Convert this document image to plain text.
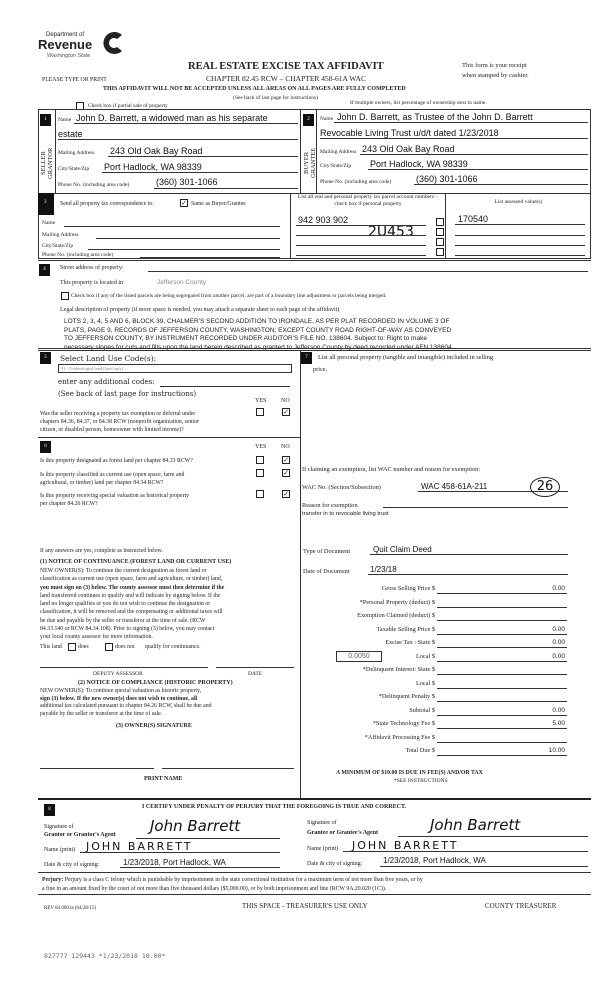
Department of
Revenue
Washington State
REAL ESTATE EXCISE TAX AFFIDAVIT
CHAPTER 82.45 RCW – CHAPTER 458-61A WAC
This form is your receipt
when stamped by cashier.
PLEASE TYPE OR PRINT
THIS AFFIDAVIT WILL NOT BE ACCEPTED UNLESS ALL AREAS ON ALL PAGES ARE FULLY COMPLETED
(See back of last page for instructions)
Check box if partial sale of property	If multiple owners, list percentage of ownership next to name.
1
SELLER GRANTOR
Name John D. Barrett, a widowed man as his separate
estate
Mailing Address 243 Old Oak Bay Road
City/State/Zip Port Hadlock, WA 98339
Phone No. (including area code)	(360) 301-1066
2
BUYER GRANTEE
Name John D. Barrett, as Trustee of the John D. Barrett
Revocable Living Trust u/d/t dated 1/23/2018
Mailing Address 243 Old Oak Bay Road
City/State/Zip Port Hadlock, WA 98339
Phone No. (including area code)	(360) 301-1066
3 Send all property tax correspondence to:	✓ Same as Buyer/Grantee
Name
Mailing Address
City/State/Zip
Phone No. (including area code)
List all real and personal property tax parcel account numbers – check box if personal property	List assessed value(s)
942 903 902	170540
2U453
4	Street address of property:
This property is located in	Jefferson County
Check box if any of the listed parcels are being segregated from another parcel, are part of a boundary line adjustment or parcels being merged.
Legal description of property (if more space is needed, you may attach a separate sheet to each page of the affidavit)
LOTS 2, 3, 4, 5 AND 6, BLOCK 39, CHALMER'S SECOND ADDITION TO IRONDALE, AS PER PLAT RECORDED IN VOLUME 3 OF
PLATS, PAGE 9, RECORDS OF JEFFERSON COUNTY, WASHINGTON; EXCEPT COUNTY ROAD RIGHT-OF-WAY AS CONVEYED
TO JEFFERSON COUNTY, BY INSTRUMENT RECORDED UNDER AUDITOR'S FILE NO. 138604. Subject to: Right to make
necessary slopes for cuts and fills upon the land herein described as granted to Jefferson County by deed recorded under AFN 138604.
5	Select Land Use Code(s):
91 - Undeveloped land (land only)
enter any additional codes:
(See back of last page for instructions)
YES NO
Was the seller receiving a property tax exemption or deferral under
chapters 84.36, 84.37, or 84.38 RCW (nonprofit organization, senior
citizen, or disabled person, homeowner with limited income)?
✓
6	YES NO
Is this property designated as forest land per chapter 84.33 RCW?	✓
Is this property classified as current use (open space, farm and
agricultural, or timber) land per chapter 84.34 RCW?
✓
Is this property receiving special valuation as historical property
per chapter 84.26 RCW?
✓
If any answers are yes, complete as instructed below.
(1) NOTICE OF CONTINUANCE (FOREST LAND OR CURRENT USE)
NEW OWNER(S): To continue the current designation as forest land or
classification as current use (open space, farm and agriculture, or timber) land,
you must sign on (3) below. The county assessor must then determine if the
land transferred continues to qualify and will indicate by signing below. If the
land no longer qualifies or you do not wish to continue the designation or
classification, it will be removed and the compensating or additional taxes will
be due and payable by the seller or transferor at the time of sale. (RCW
84.33.140 or RCW 84.34.108). Prior to signing (3) below, you may contact
your local county assessor for more information.
This land	does	does not qualify for continuance.
DEPUTY ASSESSOR	DATE
(2) NOTICE OF COMPLIANCE (HISTORIC PROPERTY)
NEW OWNER(S): To continue special valuation as historic property,
sign (3) below. If the new owner(s) does not wish to continue, all
additional tax calculated pursuant to chapter 84.26 RCW, shall be due and
payable by the seller or transferor at the time of sale.
(3) OWNER(S) SIGNATURE
PRINT NAME
7	List all personal property (tangible and intangible) included in selling
price.
If claiming an exemption, list WAC number and reason for exemption:
WAC No. (Section/Subsection)	WAC 458-61A-211	26
Reason for exemption
transfer in to revocable living trust
Type of Document	Quit Claim Deed
Date of Document	1/23/18
0.0050
Gross Selling Price $	0.00
*Personal Property (deduct) $
Exemption Claimed (deduct) $
Taxable Selling Price $	0.00
Excise Tax : State $	0.00
Local $	0.00
*Delinquent Interest: State $
Local $
*Delinquent Penalty $
Subtotal $	0.00
*State Technology Fee $	5.00
*Affidavit Processing Fee $
Total Due $	10.00
A MINIMUM OF $10.00 IS DUE IN FEE(S) AND/OR TAX
*SEE INSTRUCTIONS
8	I CERTIFY UNDER PENALTY OF PERJURY THAT THE FOREGOING IS TRUE AND CORRECT.
Signature of
Grantor or Grantor's Agent John Barrett
Name (print) JOHN BARRETT
Date & city of signing:	1/23/2018, Port Hadlock, WA
Signature of
Grantee or Grantee's Agent	John Barrett
Name (print) JOHN BARRETT
Date & city of signing:	1/23/2018, Port Hadlock, WA
Perjury: Perjury is a class C felony which is punishable by imprisonment in the state correctional institution for a maximum term of not more than five years, or by
a fine in an amount fixed by the court of not more than five thousand dollars ($5,000.00), or by both imprisonment and fine (RCW 9A.20.020 (1C)).
REV 84 0001a (04/28/15)	THIS SPACE - TREASURER'S USE ONLY	COUNTY TREASURER
827777 129443 *1/23/2018 10.00*
